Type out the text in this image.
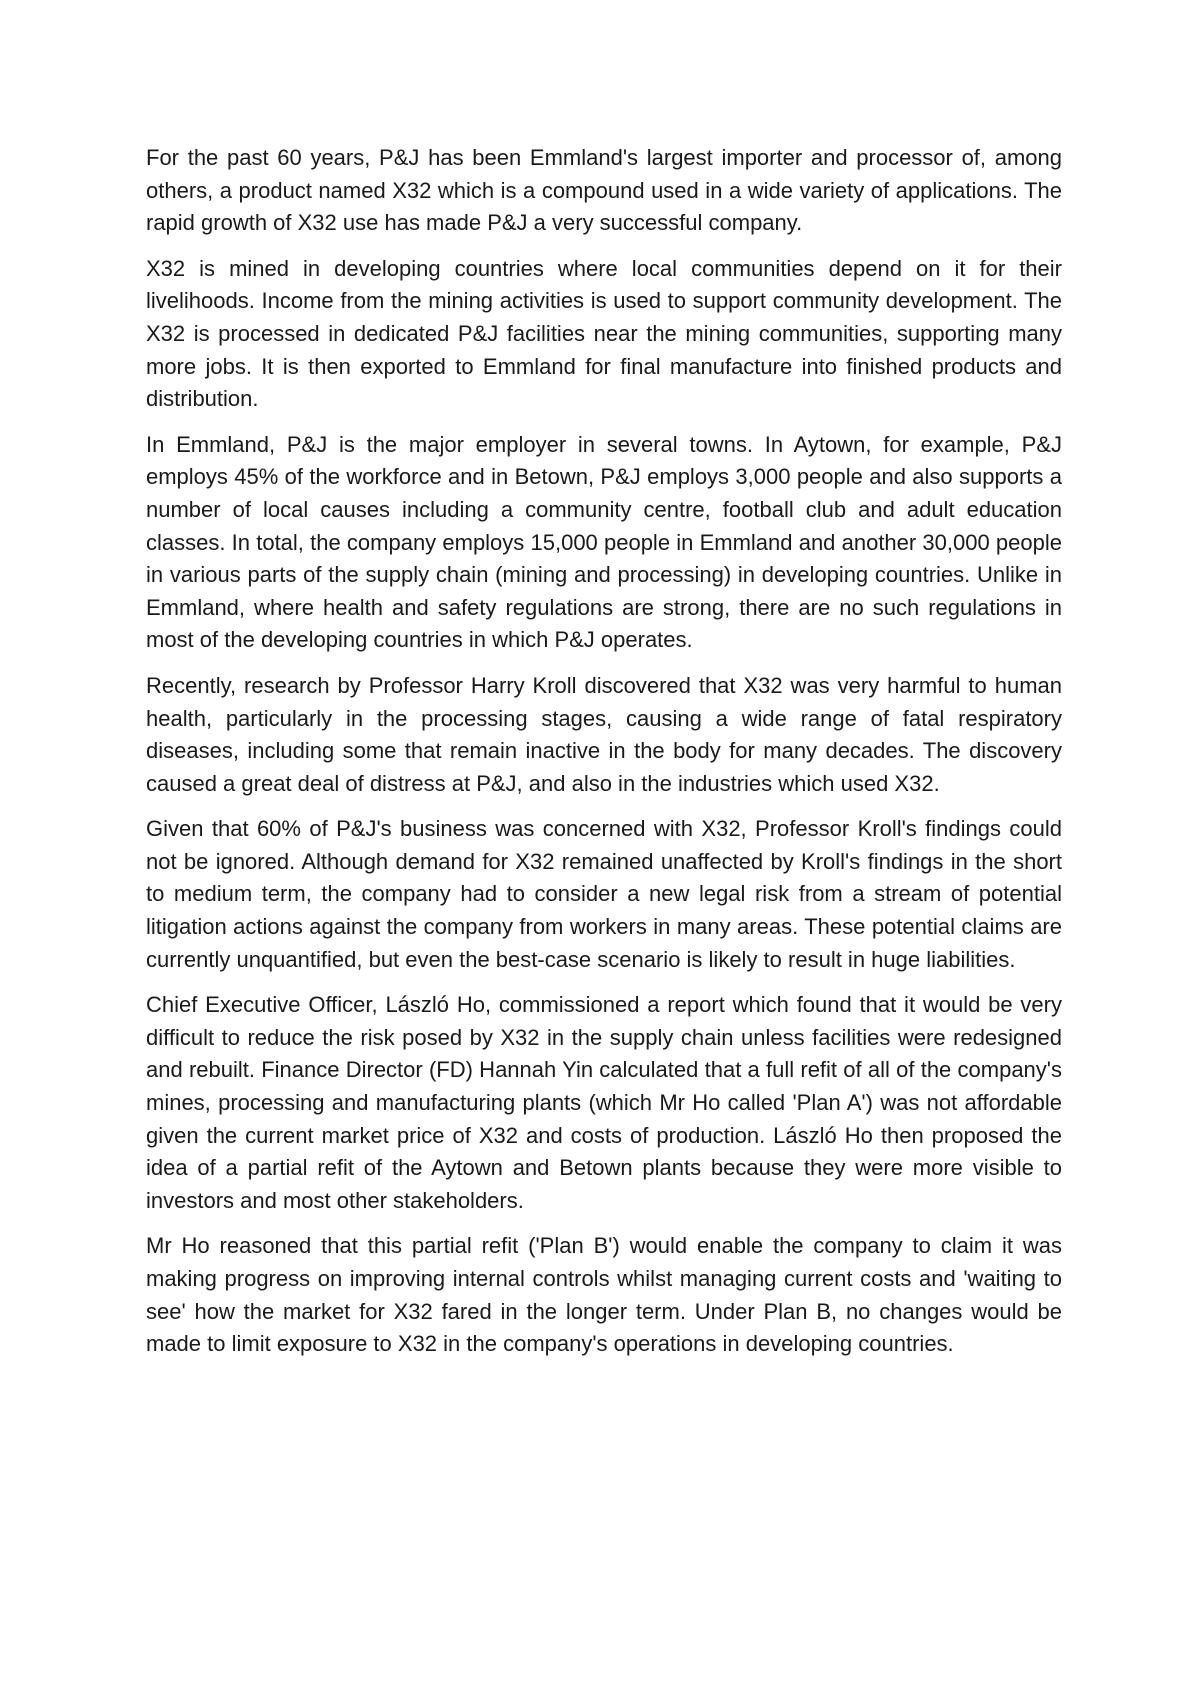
For the past 60 years, P&J has been Emmland's largest importer and processor of, among others, a product named X32 which is a compound used in a wide variety of applications. The rapid growth of X32 use has made P&J a very successful company.

X32 is mined in developing countries where local communities depend on it for their livelihoods. Income from the mining activities is used to support community development. The X32 is processed in dedicated P&J facilities near the mining communities, supporting many more jobs. It is then exported to Emmland for final manufacture into finished products and distribution.

In Emmland, P&J is the major employer in several towns. In Aytown, for example, P&J employs 45% of the workforce and in Betown, P&J employs 3,000 people and also supports a number of local causes including a community centre, football club and adult education classes. In total, the company employs 15,000 people in Emmland and another 30,000 people in various parts of the supply chain (mining and processing) in developing countries. Unlike in Emmland, where health and safety regulations are strong, there are no such regulations in most of the developing countries in which P&J operates.

Recently, research by Professor Harry Kroll discovered that X32 was very harmful to human health, particularly in the processing stages, causing a wide range of fatal respiratory diseases, including some that remain inactive in the body for many decades. The discovery caused a great deal of distress at P&J, and also in the industries which used X32.

Given that 60% of P&J's business was concerned with X32, Professor Kroll's findings could not be ignored. Although demand for X32 remained unaffected by Kroll's findings in the short to medium term, the company had to consider a new legal risk from a stream of potential litigation actions against the company from workers in many areas. These potential claims are currently unquantified, but even the best-case scenario is likely to result in huge liabilities.

Chief Executive Officer, László Ho, commissioned a report which found that it would be very difficult to reduce the risk posed by X32 in the supply chain unless facilities were redesigned and rebuilt. Finance Director (FD) Hannah Yin calculated that a full refit of all of the company's mines, processing and manufacturing plants (which Mr Ho called 'Plan A') was not affordable given the current market price of X32 and costs of production. László Ho then proposed the idea of a partial refit of the Aytown and Betown plants because they were more visible to investors and most other stakeholders.

Mr Ho reasoned that this partial refit ('Plan B') would enable the company to claim it was making progress on improving internal controls whilst managing current costs and 'waiting to see' how the market for X32 fared in the longer term. Under Plan B, no changes would be made to limit exposure to X32 in the company's operations in developing countries.
